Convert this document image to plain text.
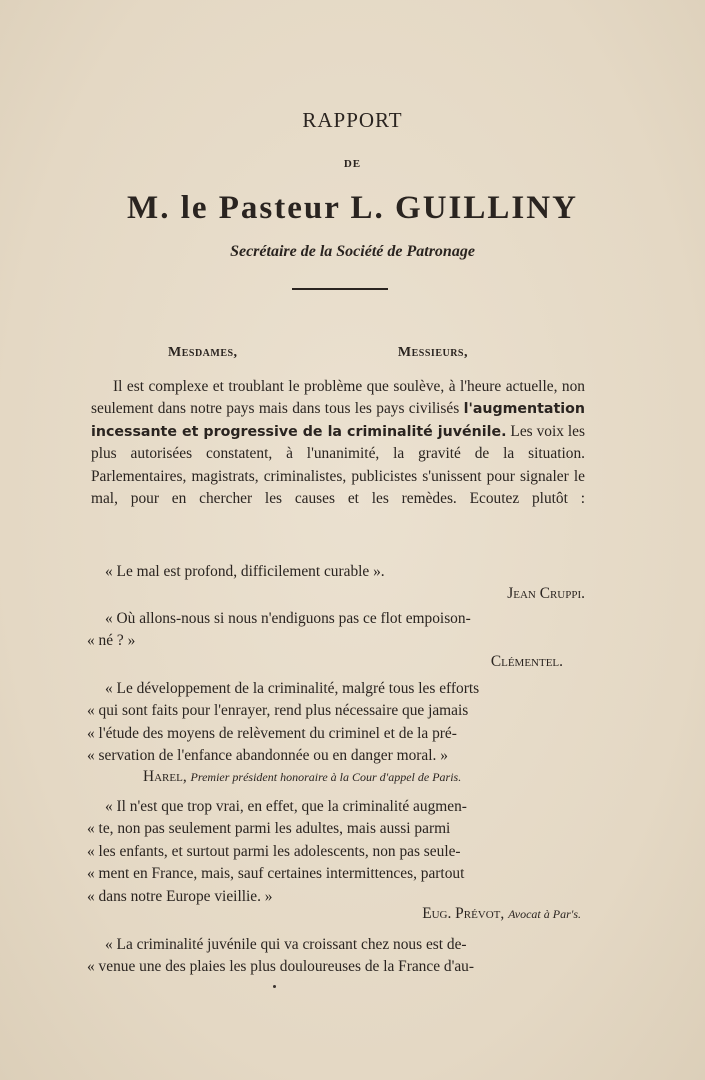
RAPPORT
DE
M. le Pasteur L. GUILLINY
Secrétaire de la Société de Patronage
Mesdames, Messieurs,
Il est complexe et troublant le problème que soulève, à l'heure actuelle, non seulement dans notre pays mais dans tous les pays civilisés l'augmentation incessante et progressive de la criminalité juvénile. Les voix les plus autorisées constatent, à l'unanimité, la gravité de la situation. Parlementaires, magistrats, criminalistes, publicistes s'unissent pour signaler le mal, pour en chercher les causes et les remèdes. Ecoutez plutôt :
« Le mal est profond, difficilement curable ».
Jean Cruppi.
« Où allons-nous si nous n'endiguons pas ce flot empoison-
« né ? »
Clémentel.
« Le développement de la criminalité, malgré tous les efforts
« qui sont faits pour l'enrayer, rend plus nécessaire que jamais
« l'étude des moyens de relèvement du criminel et de la pré-
« servation de l'enfance abandonnée ou en danger moral. »
Harel, Premier président honoraire à la Cour d'appel de Paris.
« Il n'est que trop vrai, en effet, que la criminalité augmen-
« te, non pas seulement parmi les adultes, mais aussi parmi
« les enfants, et surtout parmi les adolescents, non pas seule-
« ment en France, mais, sauf certaines intermittences, partout
« dans notre Europe vieillie. »
Eug. Prévot, Avocat à Par's.
« La criminalité juvénile qui va croissant chez nous est de-
« venue une des plaies les plus douloureuses de la France d'au-
